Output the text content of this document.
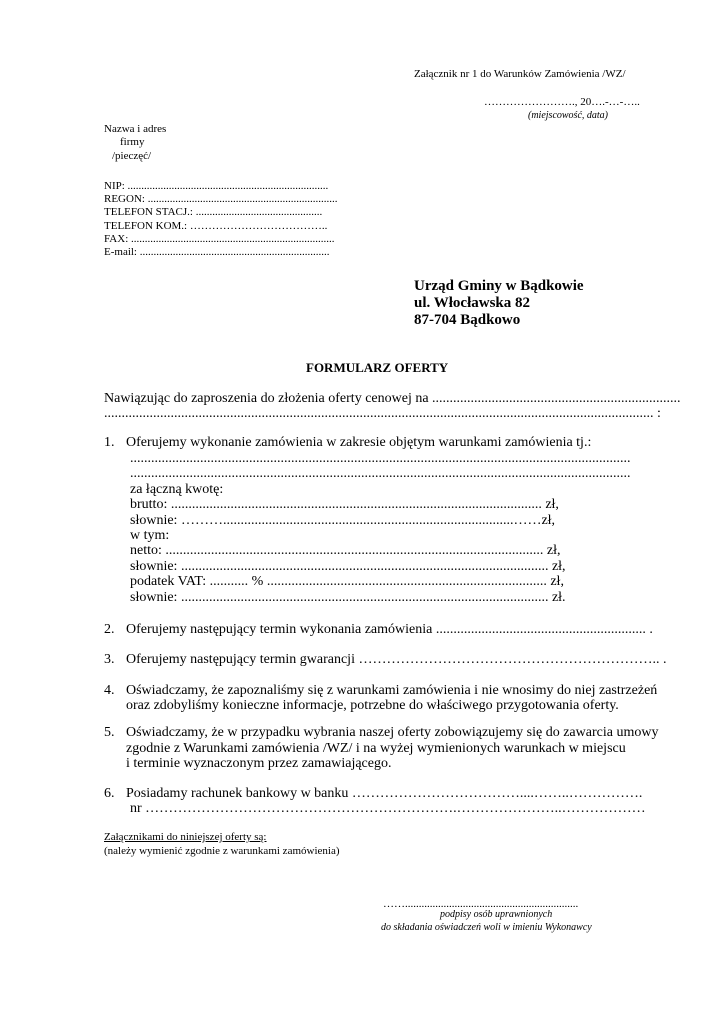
Załącznik nr 1 do Warunków Zamówienia /WZ/
……………………., 20….-…-…..
(miejscowość, data)
Nazwa i adres
firmy
/pieczęć/
NIP: .........................................................................
REGON: .....................................................................
TELEFON STACJ.: ..............................................
TELEFON KOM.: ………………………………..
FAX: ..........................................................................
E-mail: .....................................................................
Urząd Gminy w Bądkowie
ul. Włocławska 82
87-704 Bądkowo
FORMULARZ OFERTY
Nawiązując do zaproszenia do złożenia oferty cenowej na .......................................................................
............................................................................................................................................................. :
1. Oferujemy wykonanie zamówienia w zakresie objętym warunkami zamówienia tj.:
...............................................................................................................................................
...............................................................................................................................................
za łączną kwotę:
brutto: .......................................................................................................... zł,
słownie: ………...................................................................................……zł,
w tym:
netto: ............................................................................................................ zł,
słownie: ......................................................................................................... zł,
podatek VAT: ........... % ................................................................................ zł,
słownie: ......................................................................................................... zł.
2. Oferujemy następujący termin wykonania zamówienia ............................................................ .
3. Oferujemy następujący termin gwarancji ……………………………………………………….. .
4. Oświadczamy, że zapoznaliśmy się z warunkami zamówienia i nie wnosimy do niej zastrzeżeń
oraz zdobyliśmy konieczne informacje, potrzebne do właściwego przygotowania oferty.
5. Oświadczamy, że w przypadku wybrania naszej oferty zobowiązujemy się do zawarcia umowy
zgodnie z Warunkami zamówienia /WZ/ i na wyżej wymienionych warunkach w miejscu
i terminie wyznaczonym przez zamawiającego.
6. Posiadamy rachunek bankowy w banku ………………………………....……..…………….
nr ………………………………………………………….…………………..………………
Załącznikami do niniejszej oferty są:
(należy wymienić zgodnie z warunkami zamówienia)
……...............................................................
podpisy osób uprawnionych
do składania oświadczeń woli w imieniu Wykonawcy
